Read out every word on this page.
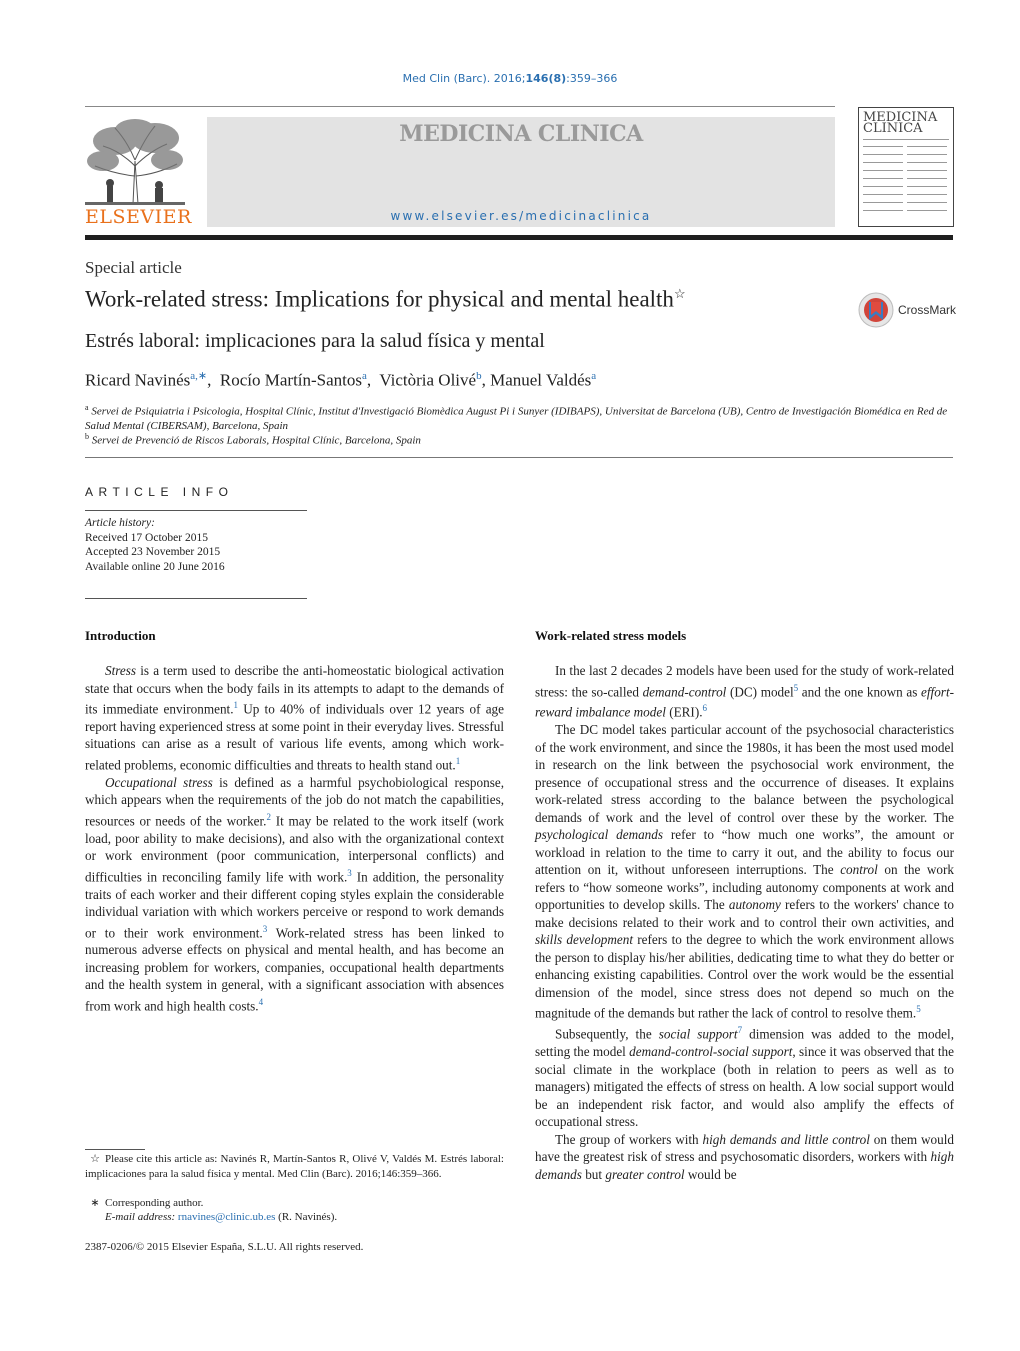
Med Clin (Barc). 2016;146(8):359–366
ELSEVIER
MEDICINA CLINICA
www.elsevier.es/medicinaclinica
MEDICINA
CLINICA
Special article
Work-related stress: Implications for physical and mental health☆
CrossMark
Estrés laboral: implicaciones para la salud física y mental
Ricard Navinés$^{a,∗}$,  Rocío Martín-Santos$^a$,  Victòria Olivé$^b$, Manuel Valdés$^a$
$^a$ Servei de Psiquiatria i Psicologia, Hospital Clínic, Institut d'Investigació Biomèdica August Pi i Sunyer (IDIBAPS), Universitat de Barcelona (UB), Centro de Investigación Biomédica en Red de Salud Mental (CIBERSAM), Barcelona, Spain
$^b$ Servei de Prevenció de Riscos Laborals, Hospital Clínic, Barcelona, Spain
ARTICLE INFO
Article history:
Received 17 October 2015
Accepted 23 November 2015
Available online 20 June 2016
Introduction

Stress is a term used to describe the anti-homeostatic biological activation state that occurs when the body fails in its attempts to adapt to the demands of its immediate environment.$^1$ Up to 40% of individuals over 12 years of age report having experienced stress at some point in their everyday lives. Stressful situations can arise as a result of various life events, among which work-related problems, economic difficulties and threats to health stand out.$^1$

Occupational stress is defined as a harmful psychobiological response, which appears when the requirements of the job do not match the capabilities, resources or needs of the worker.$^2$ It may be related to the work itself (work load, poor ability to make decisions), and also with the organizational context or work environment (poor communication, interpersonal conflicts) and difficulties in reconciling family life with work.$^3$ In addition, the personality traits of each worker and their different coping styles explain the considerable individual variation with which workers perceive or respond to work demands or to their work environment.$^3$ Work-related stress has been linked to numerous adverse effects on physical and mental health, and has become an increasing problem for workers, companies, occupational health departments and the health system in general, with a significant association with absences from work and high health costs.$^4$

Work-related stress models

In the last 2 decades 2 models have been used for the study of work-related stress: the so-called demand-control (DC) model$^5$ and the one known as effort-reward imbalance model (ERI).$^6$

The DC model takes particular account of the psychosocial characteristics of the work environment, and since the 1980s, it has been the most used model in research on the link between the psychosocial work environment, the presence of occupational stress and the occurrence of diseases. It explains work-related stress according to the balance between the psychological demands of work and the level of control over these by the worker. The psychological demands refer to “how much one works”, the amount or workload in relation to the time to carry it out, and the ability to focus our attention on it, without unforeseen interruptions. The control on the work refers to “how someone works”, including autonomy components at work and opportunities to develop skills. The autonomy refers to the workers' chance to make decisions related to their work and to control their own activities, and skills development refers to the degree to which the work environment allows the person to display his/her abilities, dedicating time to what they do better or enhancing existing capabilities. Control over the work would be the essential dimension of the model, since stress does not depend so much on the magnitude of the demands but rather the lack of control to resolve them.$^5$

Subsequently, the social support$^7$ dimension was added to the model, setting the model demand-control-social support, since it was observed that the social climate in the workplace (both in relation to peers as well as to managers) mitigated the effects of stress on health. A low social support would be an independent risk factor, and would also amplify the effects of occupational stress.

The group of workers with high demands and little control on them would have the greatest risk of stress and psychosomatic disorders, workers with high demands but greater control would be

☆ Please cite this article as: Navinés R, Martín-Santos R, Olivé V, Valdés M. Estrés laboral: implicaciones para la salud física y mental. Med Clin (Barc). 2016;146:359–366.
∗ Corresponding author.
E-mail address: rnavines@clinic.ub.es (R. Navinés).
2387-0206/© 2015 Elsevier España, S.L.U. All rights reserved.
